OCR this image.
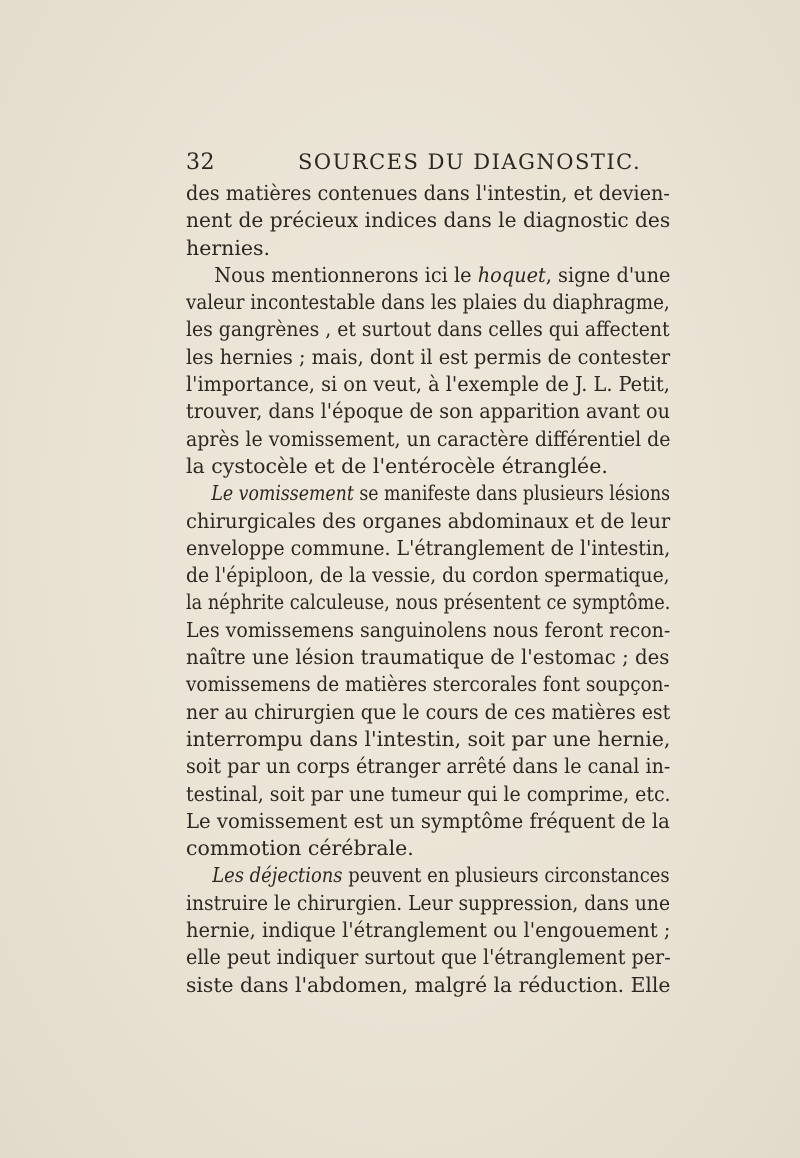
32	SOURCES DU DIAGNOSTIC.
des matières contenues dans l'intestin, et devien-
nent de précieux indices dans le diagnostic des
hernies.
Nous mentionnerons ici le hoquet, signe d'une
valeur incontestable dans les plaies du diaphragme,
les gangrènes , et surtout dans celles qui affectent
les hernies ; mais, dont il est permis de contester
l'importance, si on veut, à l'exemple de J. L. Petit,
trouver, dans l'époque de son apparition avant ou
après le vomissement, un caractère différentiel de
la cystocèle et de l'entérocèle étranglée.
Le vomissement se manifeste dans plusieurs lésions
chirurgicales des organes abdominaux et de leur
enveloppe commune. L'étranglement de l'intestin,
de l'épiploon, de la vessie, du cordon spermatique,
la néphrite calculeuse, nous présentent ce symptôme.
Les vomissemens sanguinolens nous feront recon-
naître une lésion traumatique de l'estomac ; des
vomissemens de matières stercorales font soupçon-
ner au chirurgien que le cours de ces matières est
interrompu dans l'intestin, soit par une hernie,
soit par un corps étranger arrêté dans le canal in-
testinal, soit par une tumeur qui le comprime, etc.
Le vomissement est un symptôme fréquent de la
commotion cérébrale.
Les déjections peuvent en plusieurs circonstances
instruire le chirurgien. Leur suppression, dans une
hernie, indique l'étranglement ou l'engouement ;
elle peut indiquer surtout que l'étranglement per-
siste dans l'abdomen, malgré la réduction. Elle
